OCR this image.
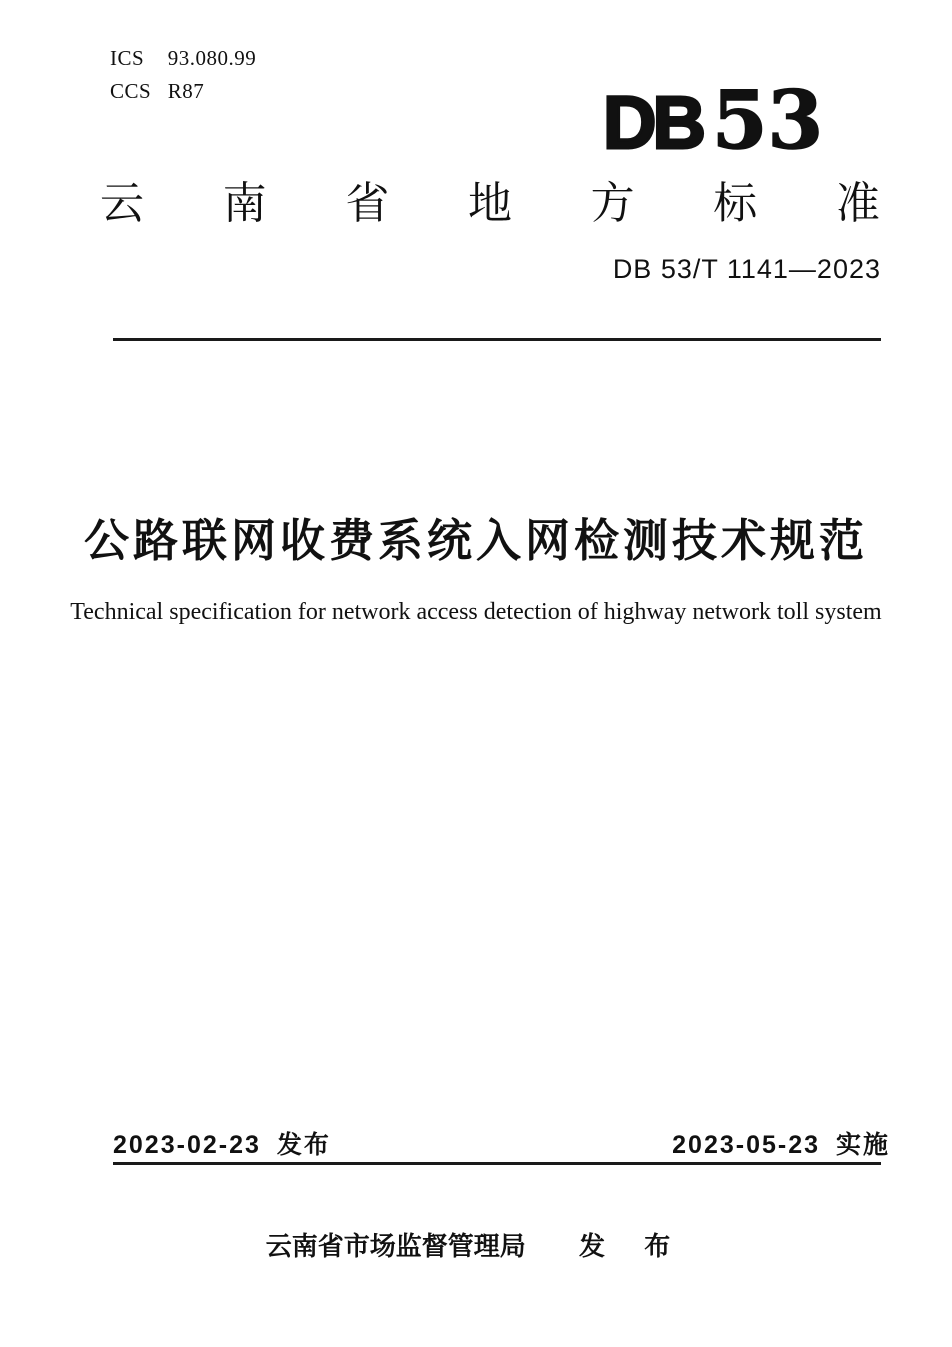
ICS 93.080.99
CCS R87	DB 53
云 南 省 地 方 标 准
DB 53/T 1141—2023
公路联网收费系统入网检测技术规范
Technical specification for network access detection of highway network toll system
2023-02-23 发布	2023-05-23 实施
云南省市场监督管理局 发 布
